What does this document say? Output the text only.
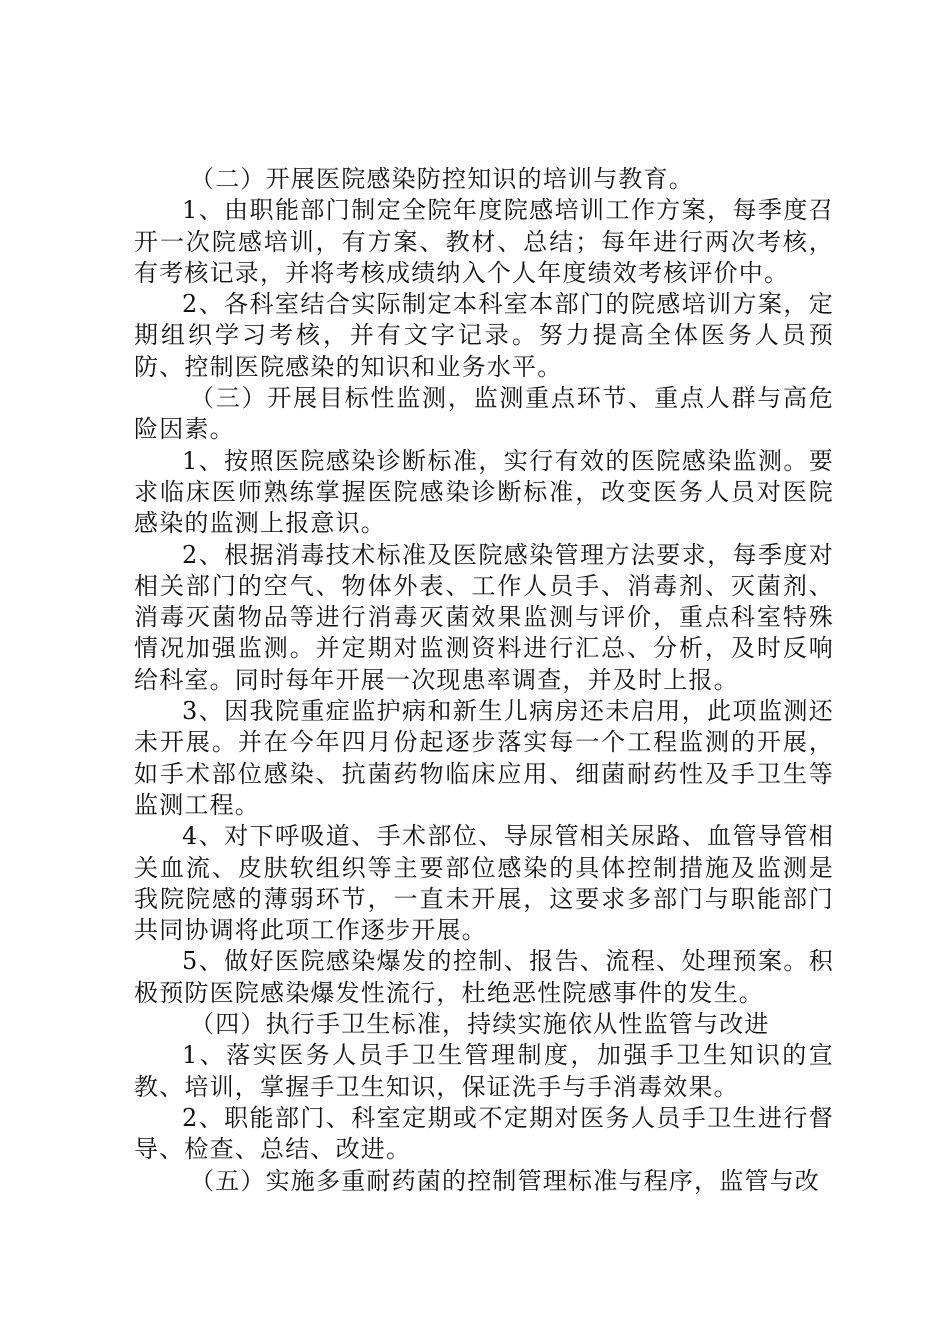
（二）开展医院感染防控知识的培训与教育。

1、由职能部门制定全院年度院感培训工作方案，每季度召开一次院感培训，有方案、教材、总结；每年进行两次考核，有考核记录，并将考核成绩纳入个人年度绩效考核评价中。

2、各科室结合实际制定本科室本部门的院感培训方案，定期组织学习考核，并有文字记录。努力提高全体医务人员预防、控制医院感染的知识和业务水平。

（三）开展目标性监测，监测重点环节、重点人群与高危险因素。

1、按照医院感染诊断标准，实行有效的医院感染监测。要求临床医师熟练掌握医院感染诊断标准，改变医务人员对医院感染的监测上报意识。

2、根据消毒技术标准及医院感染管理方法要求，每季度对相关部门的空气、物体外表、工作人员手、消毒剂、灭菌剂、消毒灭菌物品等进行消毒灭菌效果监测与评价，重点科室特殊情况加强监测。并定期对监测资料进行汇总、分析，及时反响给科室。同时每年开展一次现患率调查，并及时上报。

3、因我院重症监护病和新生儿病房还未启用，此项监测还未开展。并在今年四月份起逐步落实每一个工程监测的开展，如手术部位感染、抗菌药物临床应用、细菌耐药性及手卫生等监测工程。

4、对下呼吸道、手术部位、导尿管相关尿路、血管导管相关血流、皮肤软组织等主要部位感染的具体控制措施及监测是我院院感的薄弱环节，一直未开展，这要求多部门与职能部门共同协调将此项工作逐步开展。

5、做好医院感染爆发的控制、报告、流程、处理预案。积极预防医院感染爆发性流行，杜绝恶性院感事件的发生。

（四）执行手卫生标准，持续实施依从性监管与改进

1、落实医务人员手卫生管理制度，加强手卫生知识的宣教、培训，掌握手卫生知识，保证洗手与手消毒效果。

2、职能部门、科室定期或不定期对医务人员手卫生进行督导、检查、总结、改进。

（五）实施多重耐药菌的控制管理标准与程序，监管与改
